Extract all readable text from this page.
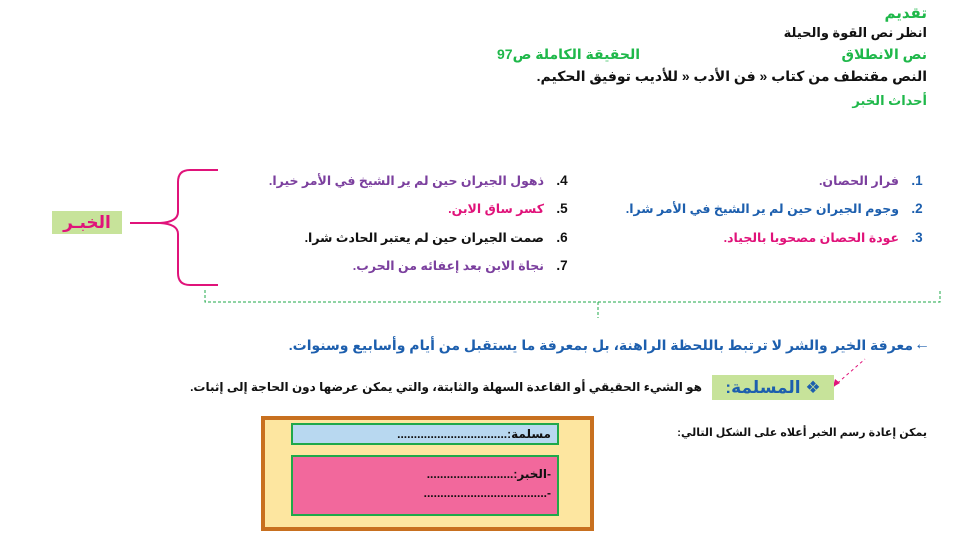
تقديم
انظر نص القوة والحيلة
نص الانطلاق
الحقيقة الكاملة ص97
النص مقتطف من كتاب « فن الأدب « للأديب توفيق الحكيم.
أحداث الخبر
1.فرار الحصان.
2.وجوم الجيران حين لم ير الشيخ في الأمر شرا.
3.عودة الحصان مصحوبا بالجياد.
4.ذهول الجيران حين لم ير الشيخ في الأمر خيرا.
5.كسر ساق الابن.
6.صمت الجيران حين لم يعتبر الحادث شرا.
7.نجاة الابن بعد إعفائه من الحرب.
الخبـر
←
معرفة الخير والشر لا ترتبط باللحظة الراهنة، بل بمعرفة ما يستقبل من أيام وأسابيع وسنوات.
❖ المسلمة:
هو الشيء الحقيقي أو القاعدة السهلة والثابتة، والتي يمكن عرضها دون الحاجة إلى إثبات.
يمكن إعادة رسم الخبر أعلاه على الشكل التالي:
مسلمة:.................................
-الخبر:..........................
-.....................................
